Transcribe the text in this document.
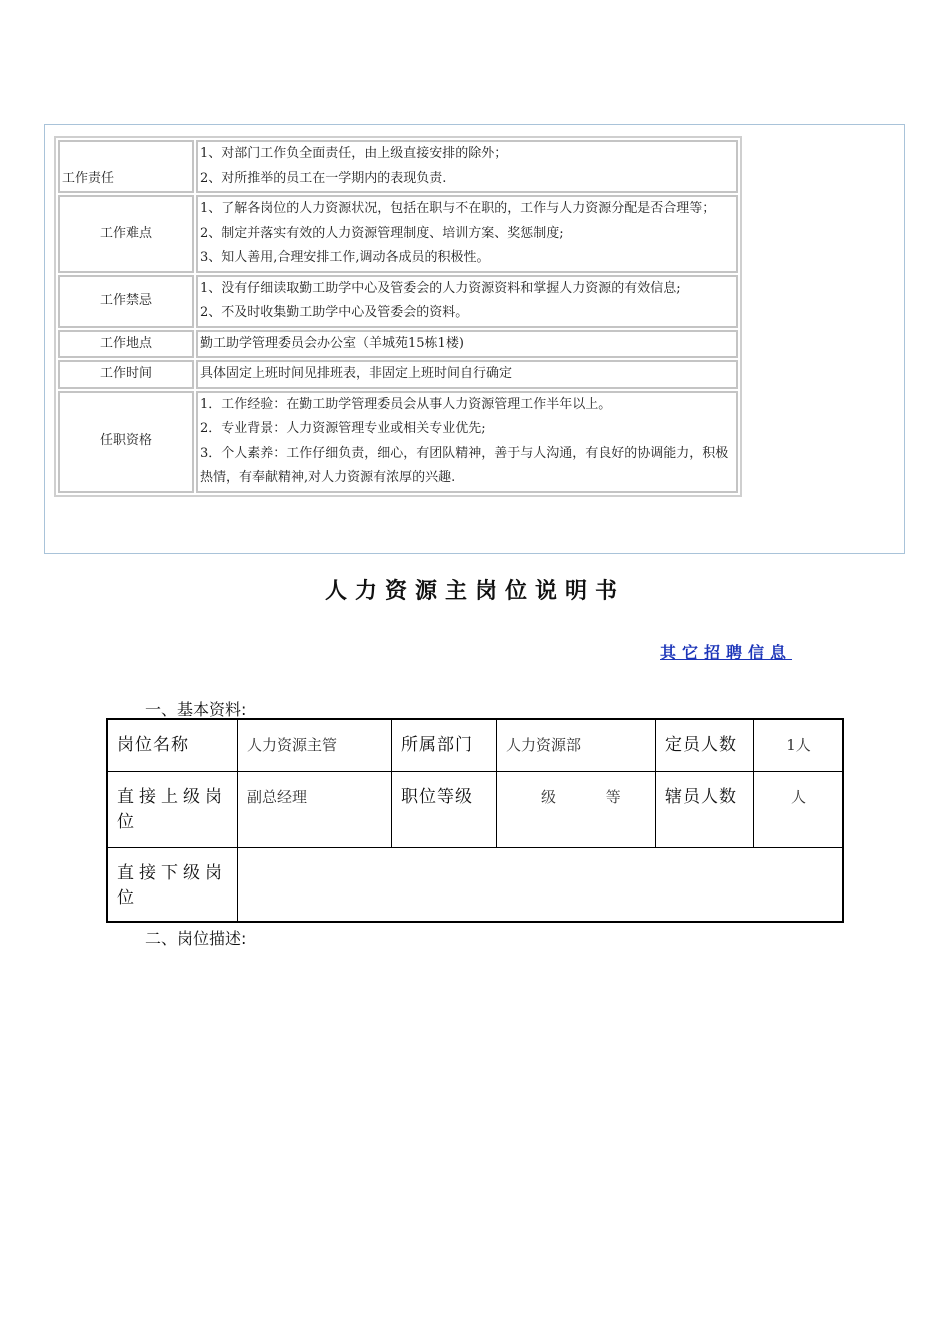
工作责任	1、对部门工作负全面责任，由上级直接安排的除外；
2、对所推举的员工在一学期内的表现负责.

工作难点	1、了解各岗位的人力资源状况，包括在职与不在职的，工作与人力资源分配是否合理等；
2、制定并落实有效的人力资源管理制度、培训方案、奖惩制度;
3、知人善用,合理安排工作,调动各成员的积极性。

工作禁忌	1、没有仔细读取勤工助学中心及管委会的人力资源资料和掌握人力资源的有效信息;
2、不及时收集勤工助学中心及管委会的资料。

工作地点	勤工助学管理委员会办公室（羊城苑15栋1楼)

工作时间	具体固定上班时间见排班表，非固定上班时间自行确定

任职资格	1．工作经验：在勤工助学管理委员会从事人力资源管理工作半年以上。
2．专业背景：人力资源管理专业或相关专业优先;
3．个人素养：工作仔细负责，细心，有团队精神，善于与人沟通，有良好的协调能力，积极热情，有奉献精神,对人力资源有浓厚的兴趣.
人力资源主岗位说明书
其它招聘信息
一、基本资料:
岗位名称	人力资源主管	所属部门	人力资源部	定员人数	1人
直接上级岗位	副总经理	职位等级	级 等	辖员人数	人
直接下级岗位					
二、岗位描述:
